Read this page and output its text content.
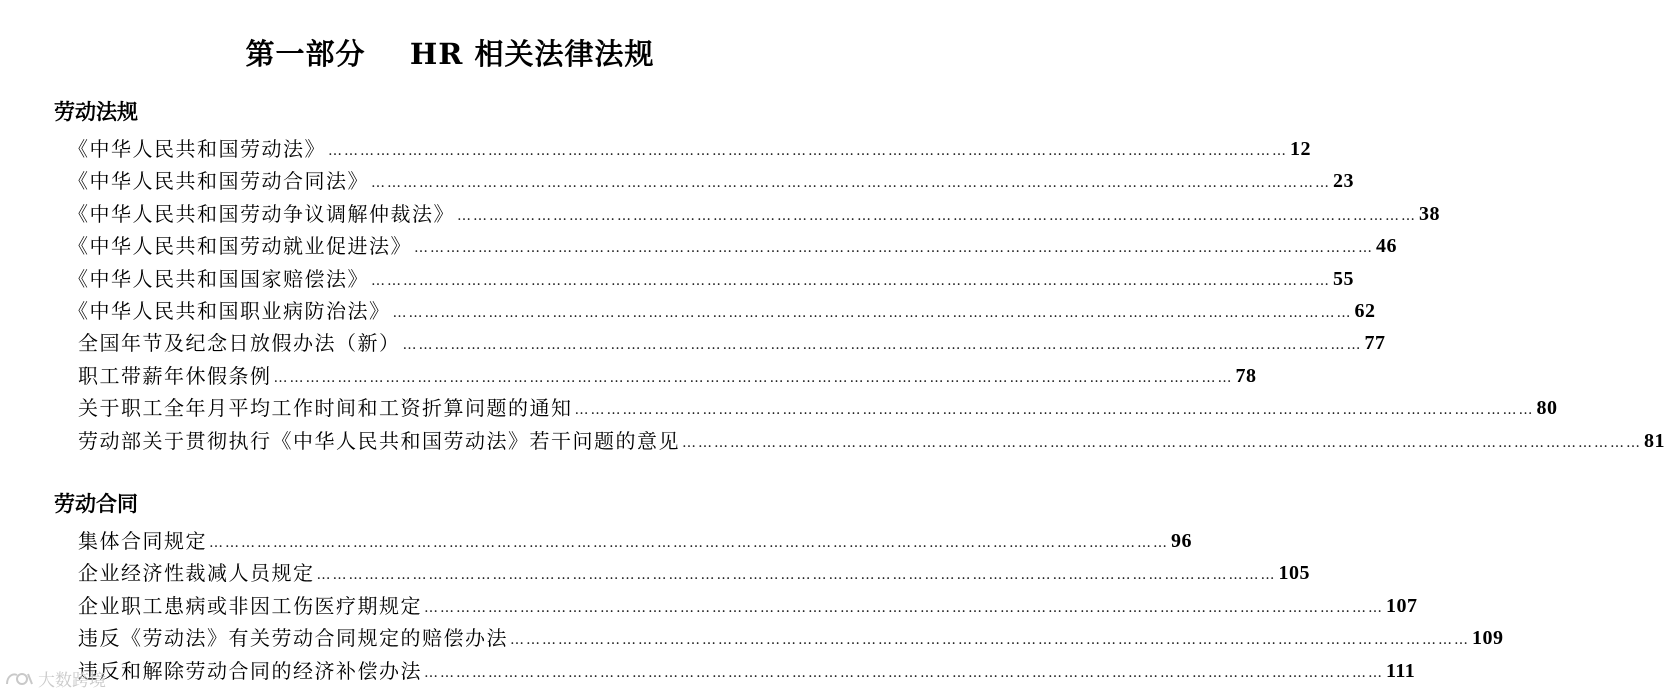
第一部分    HR 相关法律法规
劳动法规
《中华人民共和国劳动法》 ……………………………………………………………………………………………………………………………………………………………… 12
《中华人民共和国劳动合同法》 ……………………………………………………………………………………………………………………………………………………………… 23
《中华人民共和国劳动争议调解仲裁法》 ……………………………………………………………………………………………………………………………………………………………… 38
《中华人民共和国劳动就业促进法》 ……………………………………………………………………………………………………………………………………………………………… 46
《中华人民共和国国家赔偿法》 ……………………………………………………………………………………………………………………………………………………………… 55
《中华人民共和国职业病防治法》 ……………………………………………………………………………………………………………………………………………………………… 62
全国年节及纪念日放假办法（新） ……………………………………………………………………………………………………………………………………………………………… 77
职工带薪年休假条例 ……………………………………………………………………………………………………………………………………………………………… 78
关于职工全年月平均工作时间和工资折算问题的通知 ……………………………………………………………………………………………………………………………………………………………… 80
劳动部关于贯彻执行《中华人民共和国劳动法》若干问题的意见 ……………………………………………………………………………………………………………………………………………………………… 81
劳动合同
集体合同规定 ……………………………………………………………………………………………………………………………………………………………… 96
企业经济性裁减人员规定 ……………………………………………………………………………………………………………………………………………………………… 105
企业职工患病或非因工伤医疗期规定 ……………………………………………………………………………………………………………………………………………………………… 107
违反《劳动法》有关劳动合同规定的赔偿办法 ……………………………………………………………………………………………………………………………………………………………… 109
违反和解除劳动合同的经济补偿办法 ……………………………………………………………………………………………………………………………………………………………… 111
大数跨境
